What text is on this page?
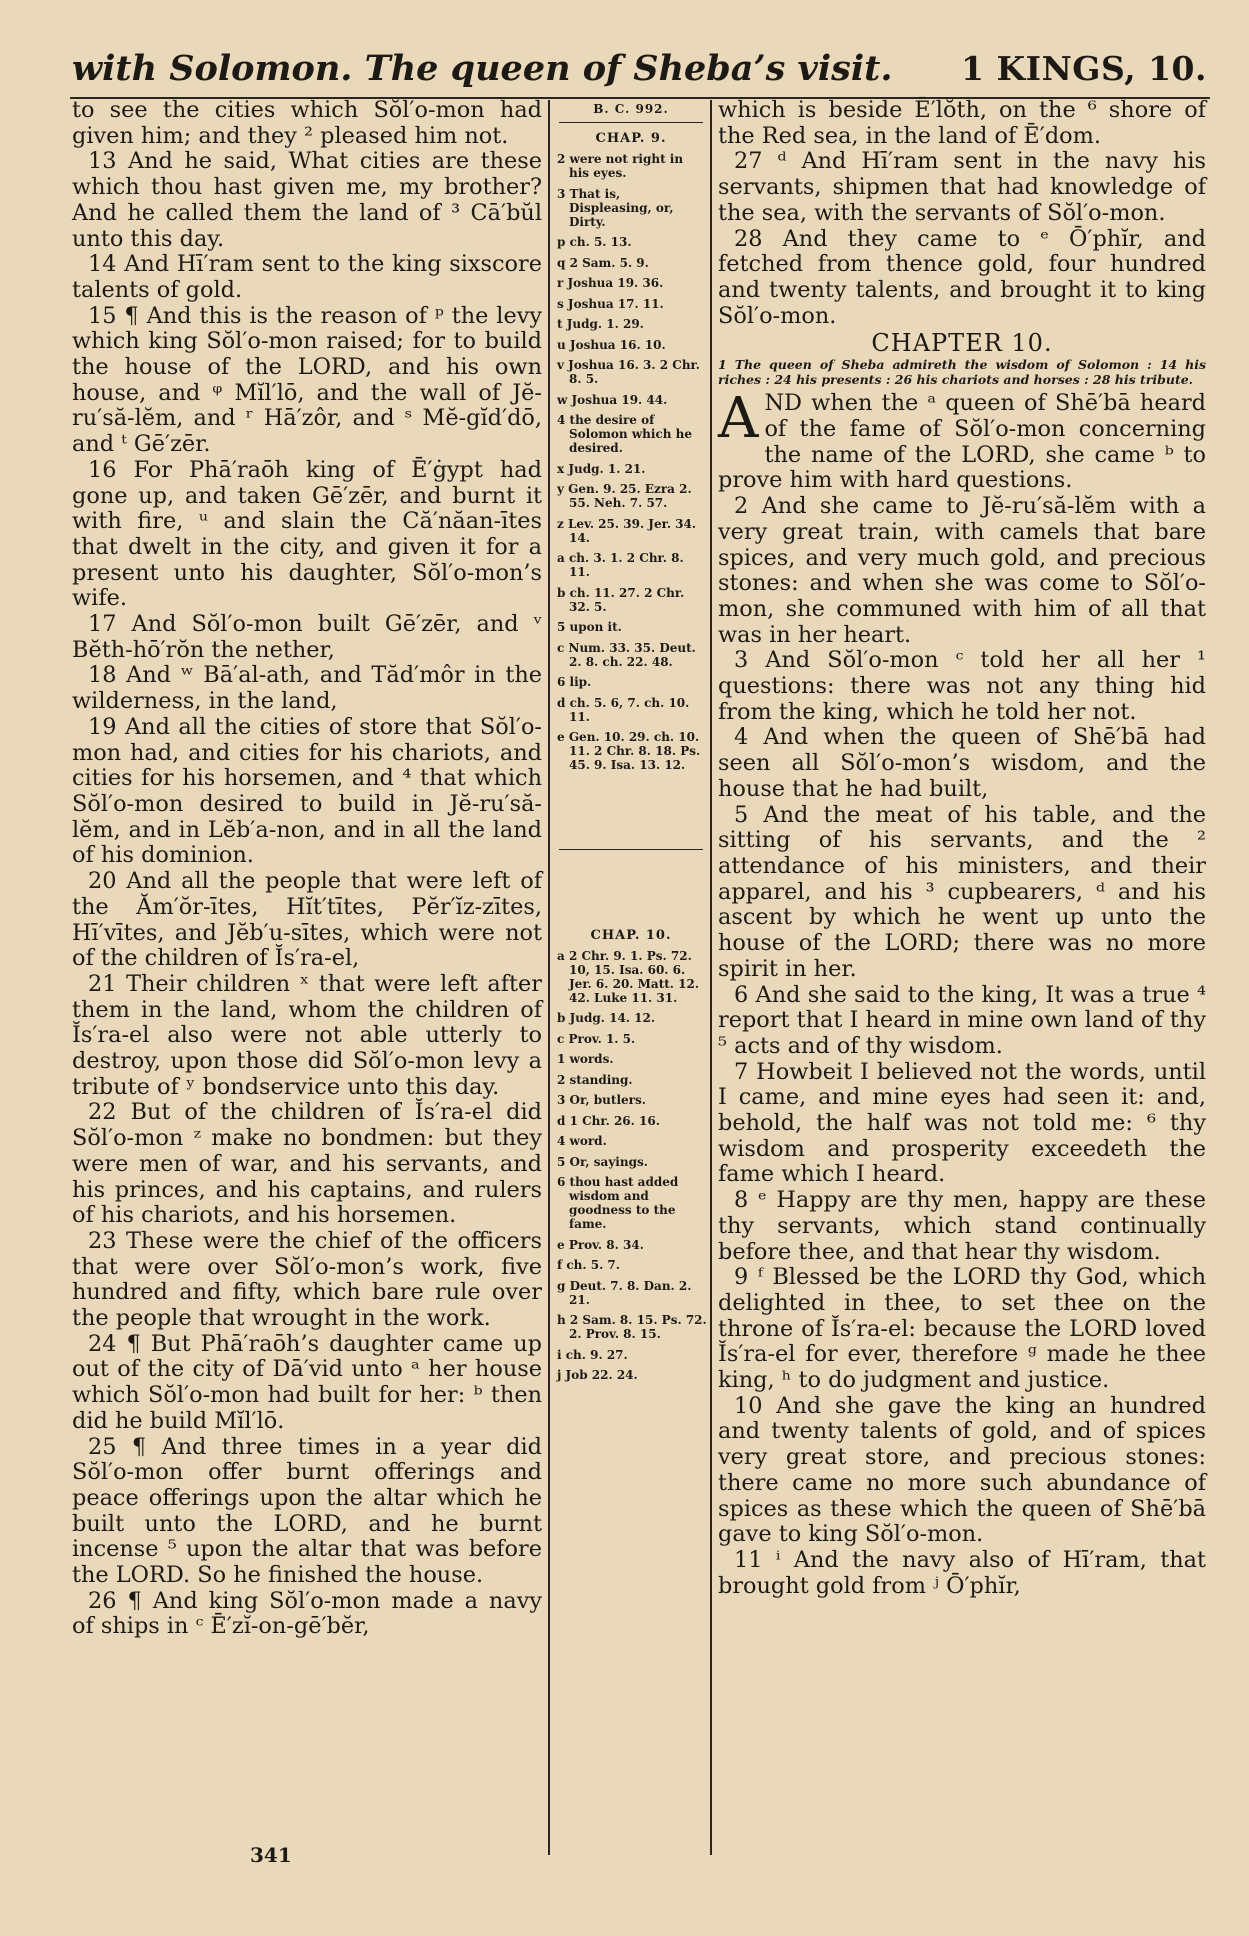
with Solomon. The queen of Sheba’s visit. 1 KINGS, 10.

to see the cities which Sŏl′o-mon had given him; and they ² pleased him not.

13 And he said, What cities are these which thou hast given me, my brother? And he called them the land of ³ Cā′bŭl unto this day.

14 And Hī′ram sent to the king sixscore talents of gold.

15 ¶ And this is the reason of ᵖ the levy which king Sŏl′o-mon raised; for to build the house of the LORD, and his own house, and ᵠ Mĭl′lō, and the wall of Jĕ-ru′să-lĕm, and ʳ Hā′zôr, and ˢ Mĕ-gĭd′dō, and ᵗ Gē′zēr.

16 For Phā′raōh king of Ē′ġypt had gone up, and taken Gē′zēr, and burnt it with fire, ᵘ and slain the Că′năan-ītes that dwelt in the city, and given it for a present unto his daughter, Sŏl′o-mon’s wife.

17 And Sŏl′o-mon built Gē′zēr, and ᵛ Bĕth-hō′rŏn the nether,

18 And ʷ Bā′al-ath, and Tăd′môr in the wilderness, in the land,

19 And all the cities of store that Sŏl′o-mon had, and cities for his chariots, and cities for his horsemen, and ⁴ that which Sŏl′o-mon desired to build in Jĕ-ru′să-lĕm, and in Lĕb′a-non, and in all the land of his dominion.

20 And all the people that were left of the Ăm′ŏr-ītes, Hĭt′tītes, Pĕr′ĭz-zītes, Hī′vītes, and Jĕb′u-sītes, which were not of the children of Ĭs′ra-el,

21 Their children ˣ that were left after them in the land, whom the children of Ĭs′ra-el also were not able utterly to destroy, upon those did Sŏl′o-mon levy a tribute of ʸ bondservice unto this day.

22 But of the children of Ĭs′ra-el did Sŏl′o-mon ᶻ make no bondmen: but they were men of war, and his servants, and his princes, and his captains, and rulers of his chariots, and his horsemen.

23 These were the chief of the officers that were over Sŏl′o-mon’s work, five hundred and fifty, which bare rule over the people that wrought in the work.

24 ¶ But Phā′raōh’s daughter came up out of the city of Dā′vid unto ᵃ her house which Sŏl′o-mon had built for her: ᵇ then did he build Mĭl′lō.

25 ¶ And three times in a year did Sŏl′o-mon offer burnt offerings and peace offerings upon the altar which he built unto the LORD, and he burnt incense ⁵ upon the altar that was before the LORD. So he finished the house.

26 ¶ And king Sŏl′o-mon made a navy of ships in ᶜ Ē′zĭ-on-gē′bĕr,

B. C. 992.
CHAP. 9.
2 were not right in his eyes.
3 That is, Displeasing, or, Dirty.
p ch. 5. 13.
q 2 Sam. 5. 9.
r Joshua 19. 36.
s Joshua 17. 11.
t Judg. 1. 29.
u Joshua 16. 10.
v Joshua 16. 3. 2 Chr. 8. 5.
w Joshua 19. 44.
4 the desire of Solomon which he desired.
x Judg. 1. 21.
y Gen. 9. 25. Ezra 2. 55. Neh. 7. 57.
z Lev. 25. 39. Jer. 34. 14.
a ch. 3. 1. 2 Chr. 8. 11.
b ch. 11. 27. 2 Chr. 32. 5.
5 upon it.
c Num. 33. 35. Deut. 2. 8. ch. 22. 48.
6 lip.
d ch. 5. 6, 7. ch. 10. 11.
e Gen. 10. 29. ch. 10. 11. 2 Chr. 8. 18. Ps. 45. 9. Isa. 13. 12.
CHAP. 10.
a 2 Chr. 9. 1. Ps. 72. 10, 15. Isa. 60. 6. Jer. 6. 20. Matt. 12. 42. Luke 11. 31.
b Judg. 14. 12.
c Prov. 1. 5.
1 words.
2 standing.
3 Or, butlers.
d 1 Chr. 26. 16.
4 word.
5 Or, sayings.
6 thou hast added wisdom and goodness to the fame.
e Prov. 8. 34.
f ch. 5. 7.
g Deut. 7. 8. Dan. 2. 21.
h 2 Sam. 8. 15. Ps. 72. 2. Prov. 8. 15.
i ch. 9. 27.
j Job 22. 24.

which is beside Ē′lŏth, on the ⁶ shore of the Red sea, in the land of Ē′dom.

27 ᵈ And Hī′ram sent in the navy his servants, shipmen that had knowledge of the sea, with the servants of Sŏl′o-mon.

28 And they came to ᵉ Ō′phĭr, and fetched from thence gold, four hundred and twenty talents, and brought it to king Sŏl′o-mon.

CHAPTER 10.

1 The queen of Sheba admireth the wisdom of Solomon : 14 his riches : 24 his presents : 26 his chariots and horses : 28 his tribute.

AND when the ᵃ queen of Shē′bā heard of the fame of Sŏl′o-mon concerning the name of the LORD, she came ᵇ to prove him with hard questions.

2 And she came to Jĕ-ru′să-lĕm with a very great train, with camels that bare spices, and very much gold, and precious stones: and when she was come to Sŏl′o-mon, she communed with him of all that was in her heart.

3 And Sŏl′o-mon ᶜ told her all her ¹ questions: there was not any thing hid from the king, which he told her not.

4 And when the queen of Shē′bā had seen all Sŏl′o-mon’s wisdom, and the house that he had built,

5 And the meat of his table, and the sitting of his servants, and the ² attendance of his ministers, and their apparel, and his ³ cupbearers, ᵈ and his ascent by which he went up unto the house of the LORD; there was no more spirit in her.

6 And she said to the king, It was a true ⁴ report that I heard in mine own land of thy ⁵ acts and of thy wisdom.

7 Howbeit I believed not the words, until I came, and mine eyes had seen it: and, behold, the half was not told me: ⁶ thy wisdom and prosperity exceedeth the fame which I heard.

8 ᵉ Happy are thy men, happy are these thy servants, which stand continually before thee, and that hear thy wisdom.

9 ᶠ Blessed be the LORD thy God, which delighted in thee, to set thee on the throne of Ĭs′ra-el: because the LORD loved Ĭs′ra-el for ever, therefore ᵍ made he thee king, ʰ to do judgment and justice.

10 And she gave the king an hundred and twenty talents of gold, and of spices very great store, and precious stones: there came no more such abundance of spices as these which the queen of Shē′bā gave to king Sŏl′o-mon.

11 ⁱ And the navy also of Hī′ram, that brought gold from ʲ Ō′phĭr,

341
